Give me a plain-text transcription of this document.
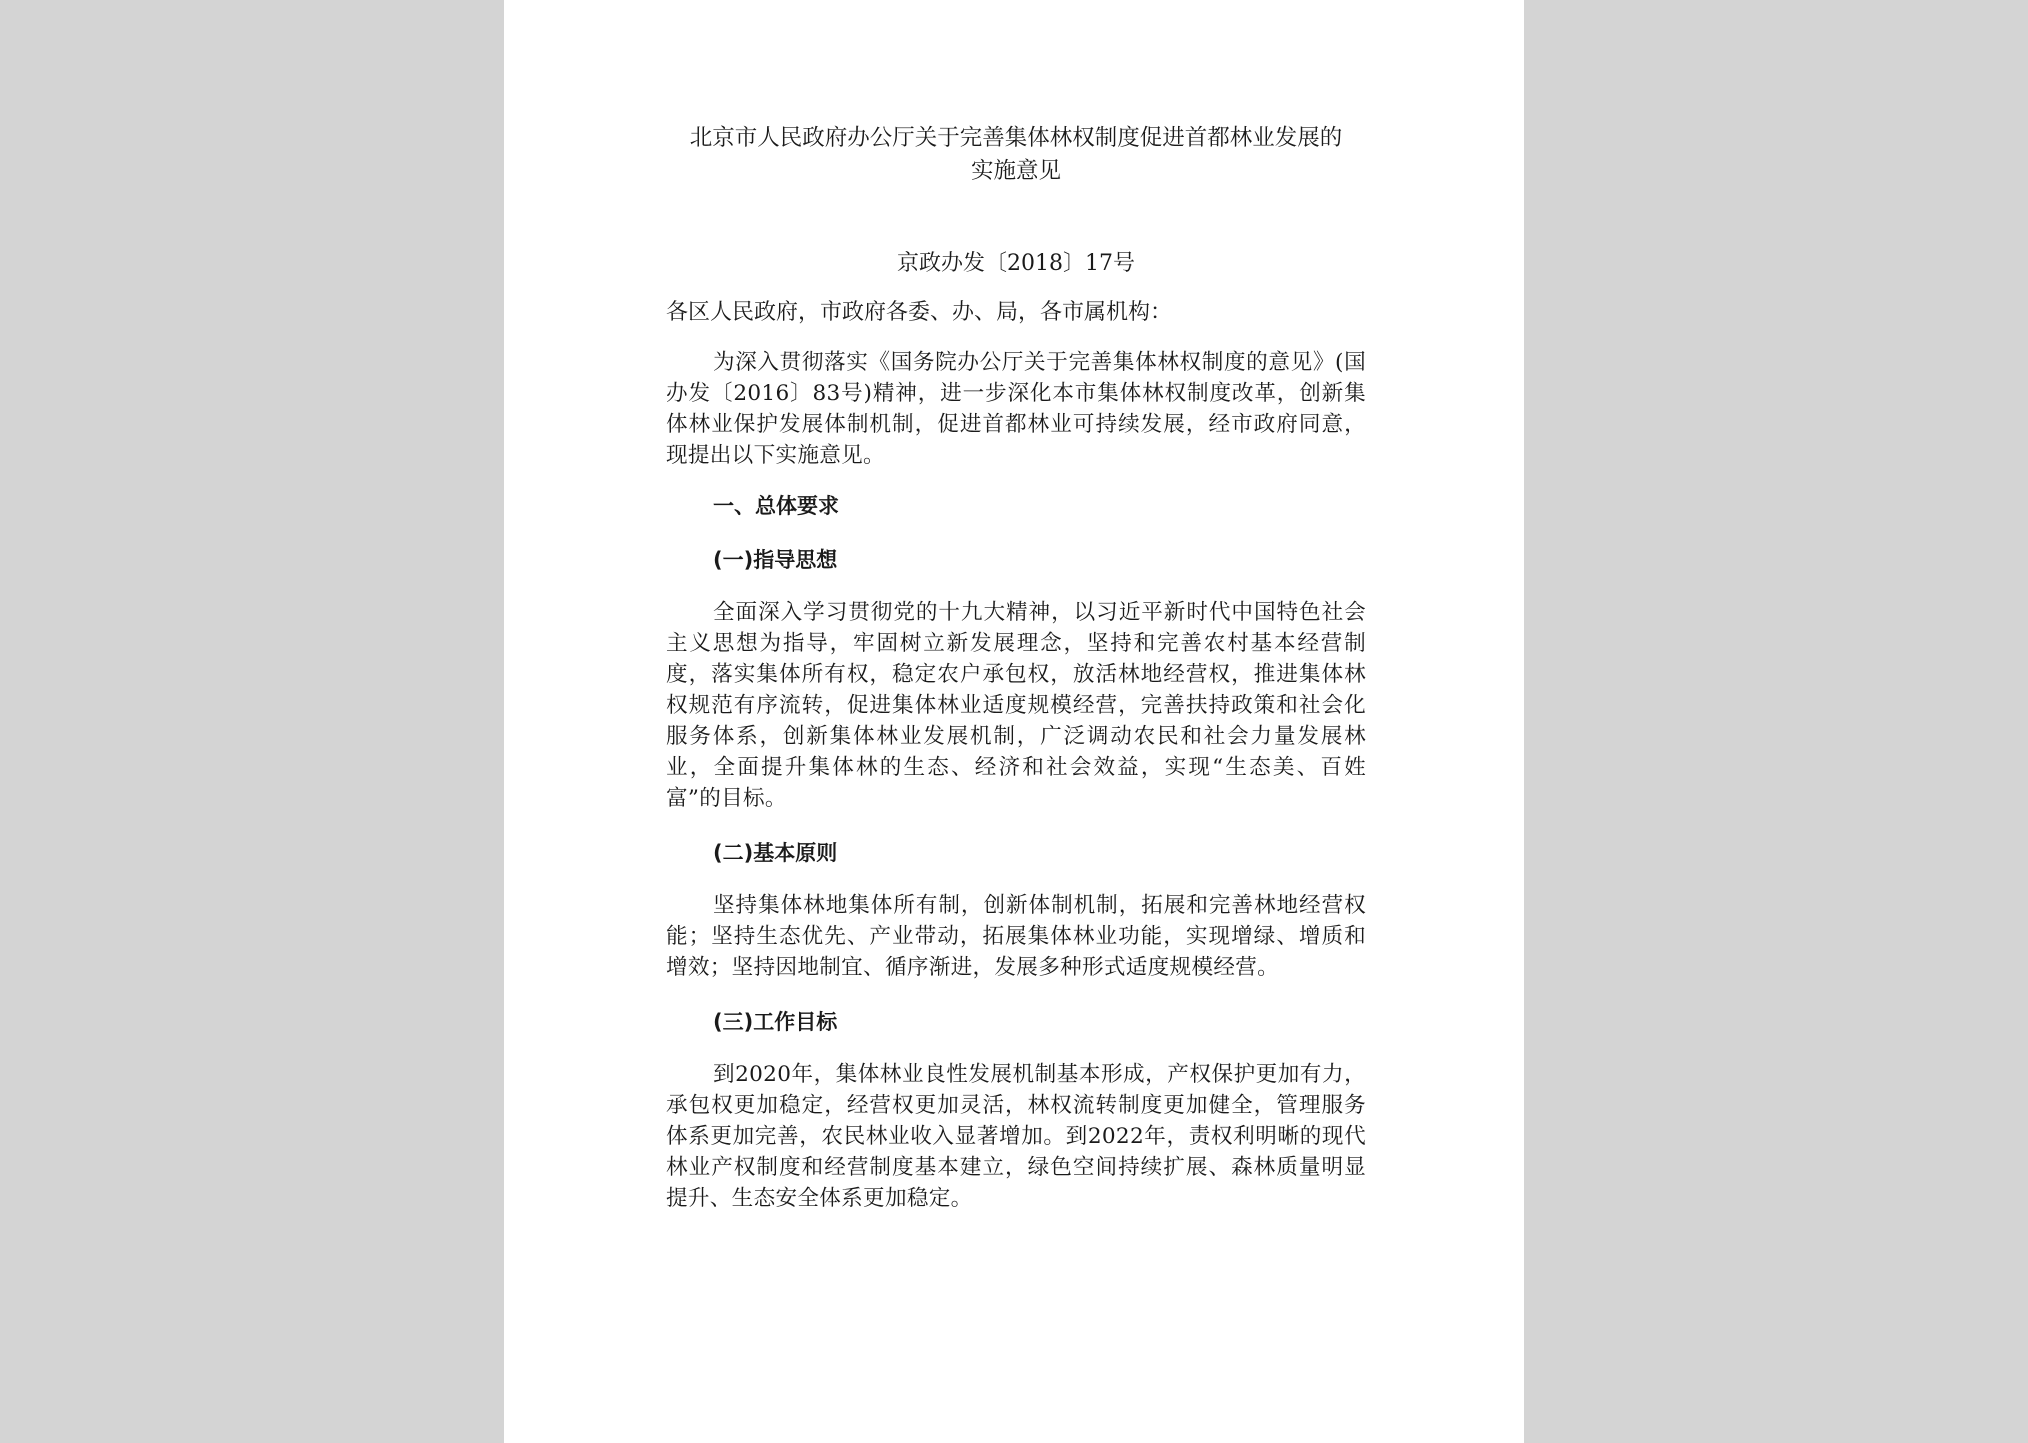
北京市人民政府办公厅关于完善集体林权制度促进首都林业发展的
实施意见
京政办发〔2018〕17号
各区人民政府，市政府各委、办、局，各市属机构：

为深入贯彻落实《国务院办公厅关于完善集体林权制度的意见》(国办发〔2016〕83号)精神，进一步深化本市集体林权制度改革，创新集体林业保护发展体制机制，促进首都林业可持续发展，经市政府同意，现提出以下实施意见。

一、总体要求
(一)指导思想

全面深入学习贯彻党的十九大精神，以习近平新时代中国特色社会主义思想为指导，牢固树立新发展理念，坚持和完善农村基本经营制度，落实集体所有权，稳定农户承包权，放活林地经营权，推进集体林权规范有序流转，促进集体林业适度规模经营，完善扶持政策和社会化服务体系，创新集体林业发展机制，广泛调动农民和社会力量发展林业，全面提升集体林的生态、经济和社会效益，实现“生态美、百姓富”的目标。

(二)基本原则

坚持集体林地集体所有制，创新体制机制，拓展和完善林地经营权能；坚持生态优先、产业带动，拓展集体林业功能，实现增绿、增质和增效；坚持因地制宜、循序渐进，发展多种形式适度规模经营。

(三)工作目标

到2020年，集体林业良性发展机制基本形成，产权保护更加有力，承包权更加稳定，经营权更加灵活，林权流转制度更加健全，管理服务体系更加完善，农民林业收入显著增加。到2022年，责权利明晰的现代林业产权制度和经营制度基本建立，绿色空间持续扩展、森林质量明显提升、生态安全体系更加稳定。
